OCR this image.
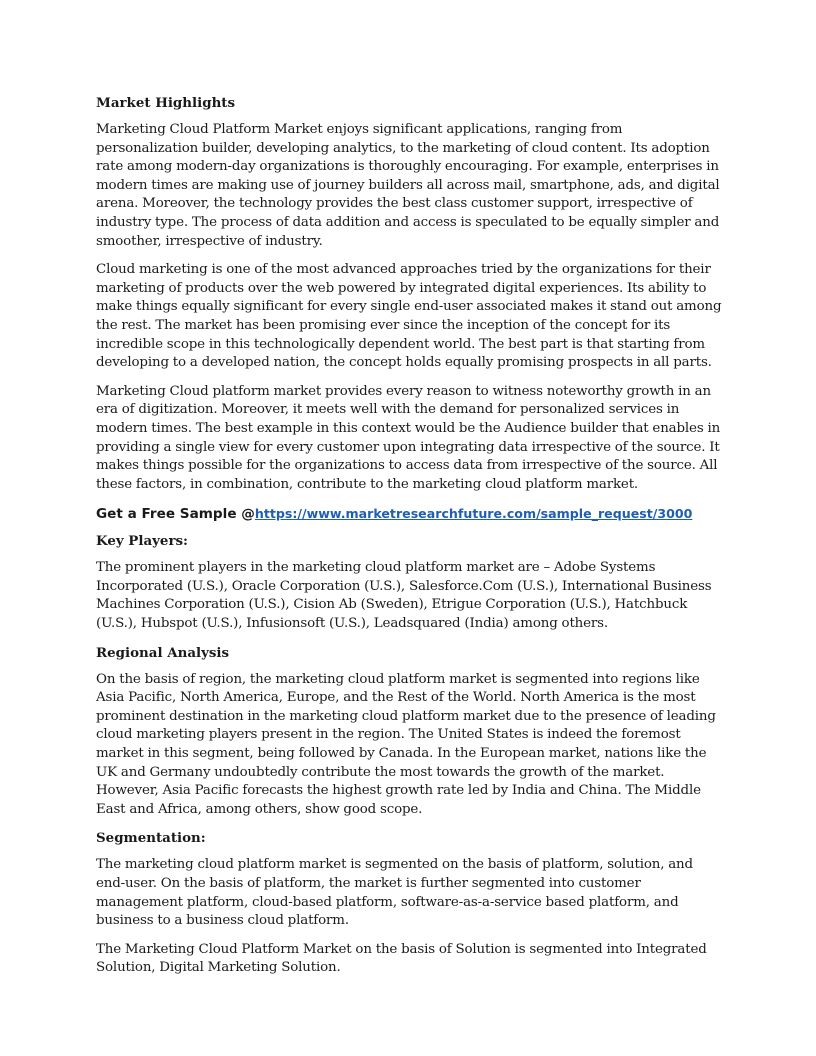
Market Highlights

Marketing Cloud Platform Market enjoys significant applications, ranging from personalization builder, developing analytics, to the marketing of cloud content. Its adoption rate among modern-day organizations is thoroughly encouraging. For example, enterprises in modern times are making use of journey builders all across mail, smartphone, ads, and digital arena. Moreover, the technology provides the best class customer support, irrespective of industry type. The process of data addition and access is speculated to be equally simpler and smoother, irrespective of industry.

Cloud marketing is one of the most advanced approaches tried by the organizations for their marketing of products over the web powered by integrated digital experiences. Its ability to make things equally significant for every single end-user associated makes it stand out among the rest. The market has been promising ever since the inception of the concept for its incredible scope in this technologically dependent world. The best part is that starting from developing to a developed nation, the concept holds equally promising prospects in all parts.

Marketing Cloud platform market provides every reason to witness noteworthy growth in an era of digitization. Moreover, it meets well with the demand for personalized services in modern times. The best example in this context would be the Audience builder that enables in providing a single view for every customer upon integrating data irrespective of the source. It makes things possible for the organizations to access data from irrespective of the source. All these factors, in combination, contribute to the marketing cloud platform market.

Get a Free Sample @https://www.marketresearchfuture.com/sample_request/3000
Key Players:

The prominent players in the marketing cloud platform market are – Adobe Systems Incorporated (U.S.), Oracle Corporation (U.S.), Salesforce.Com (U.S.), International Business Machines Corporation (U.S.), Cision Ab (Sweden), Etrigue Corporation (U.S.), Hatchbuck (U.S.), Hubspot (U.S.), Infusionsoft (U.S.), Leadsquared (India) among others.

Regional Analysis

On the basis of region, the marketing cloud platform market is segmented into regions like Asia Pacific, North America, Europe, and the Rest of the World. North America is the most prominent destination in the marketing cloud platform market due to the presence of leading cloud marketing players present in the region. The United States is indeed the foremost market in this segment, being followed by Canada. In the European market, nations like the UK and Germany undoubtedly contribute the most towards the growth of the market. However, Asia Pacific forecasts the highest growth rate led by India and China. The Middle East and Africa, among others, show good scope.

Segmentation:

The marketing cloud platform market is segmented on the basis of platform, solution, and end-user. On the basis of platform, the market is further segmented into customer management platform, cloud-based platform, software-as-a-service based platform, and business to a business cloud platform.

The Marketing Cloud Platform Market on the basis of Solution is segmented into Integrated Solution, Digital Marketing Solution.
